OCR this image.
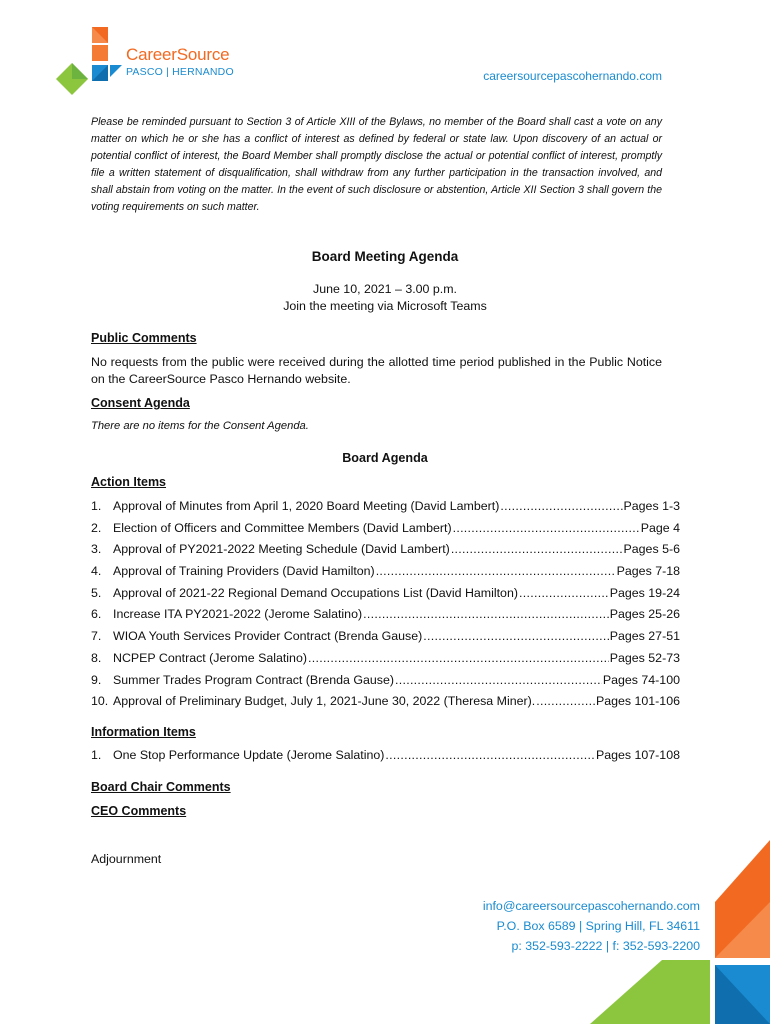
CareerSource
PASCO | HERNANDO	careersourcepascohernando.com
Please be reminded pursuant to Section 3 of Article XIII of the Bylaws, no member of the Board shall cast a vote on any matter on which he or she has a conflict of interest as defined by federal or state law. Upon discovery of an actual or potential conflict of interest, the Board Member shall promptly disclose the actual or potential conflict of interest, promptly file a written statement of disqualification, shall withdraw from any further participation in the transaction involved, and shall abstain from voting on the matter. In the event of such disclosure or abstention, Article XII Section 3 shall govern the voting requirements on such matter.
Board Meeting Agenda
June 10, 2021 – 3.00 p.m.
Join the meeting via Microsoft Teams
Public Comments
No requests from the public were received during the allotted time period published in the Public Notice on the CareerSource Pasco Hernando website.
Consent Agenda
There are no items for the Consent Agenda.
Board Agenda
Action Items
1. Approval of Minutes from April 1, 2020 Board Meeting (David Lambert) .....	Pages 1-3
2. Election of Officers and Committee Members (David Lambert) .....	Page 4
3. Approval of PY2021-2022 Meeting Schedule (David Lambert) .....	Pages 5-6
4. Approval of Training Providers (David Hamilton) .....	Pages 7-18
5. Approval of 2021-22 Regional Demand Occupations List (David Hamilton) .....	Pages 19-24
6. Increase ITA PY2021-2022 (Jerome Salatino) .....	Pages 25-26
7. WIOA Youth Services Provider Contract (Brenda Gause) .....	Pages 27-51
8. NCPEP Contract (Jerome Salatino) .....	Pages 52-73
9. Summer Trades Program Contract (Brenda Gause) .....	Pages 74-100
10. Approval of Preliminary Budget, July 1, 2021-June 30, 2022 (Theresa Miner). .....	Pages 101-106
Information Items
1. One Stop Performance Update (Jerome Salatino) .....	Pages 107-108
Board Chair Comments
CEO Comments
Adjournment
info@careersourcepascohernando.com
P.O. Box 6589 | Spring Hill, FL 34611
p: 352-593-2222 | f: 352-593-2200
